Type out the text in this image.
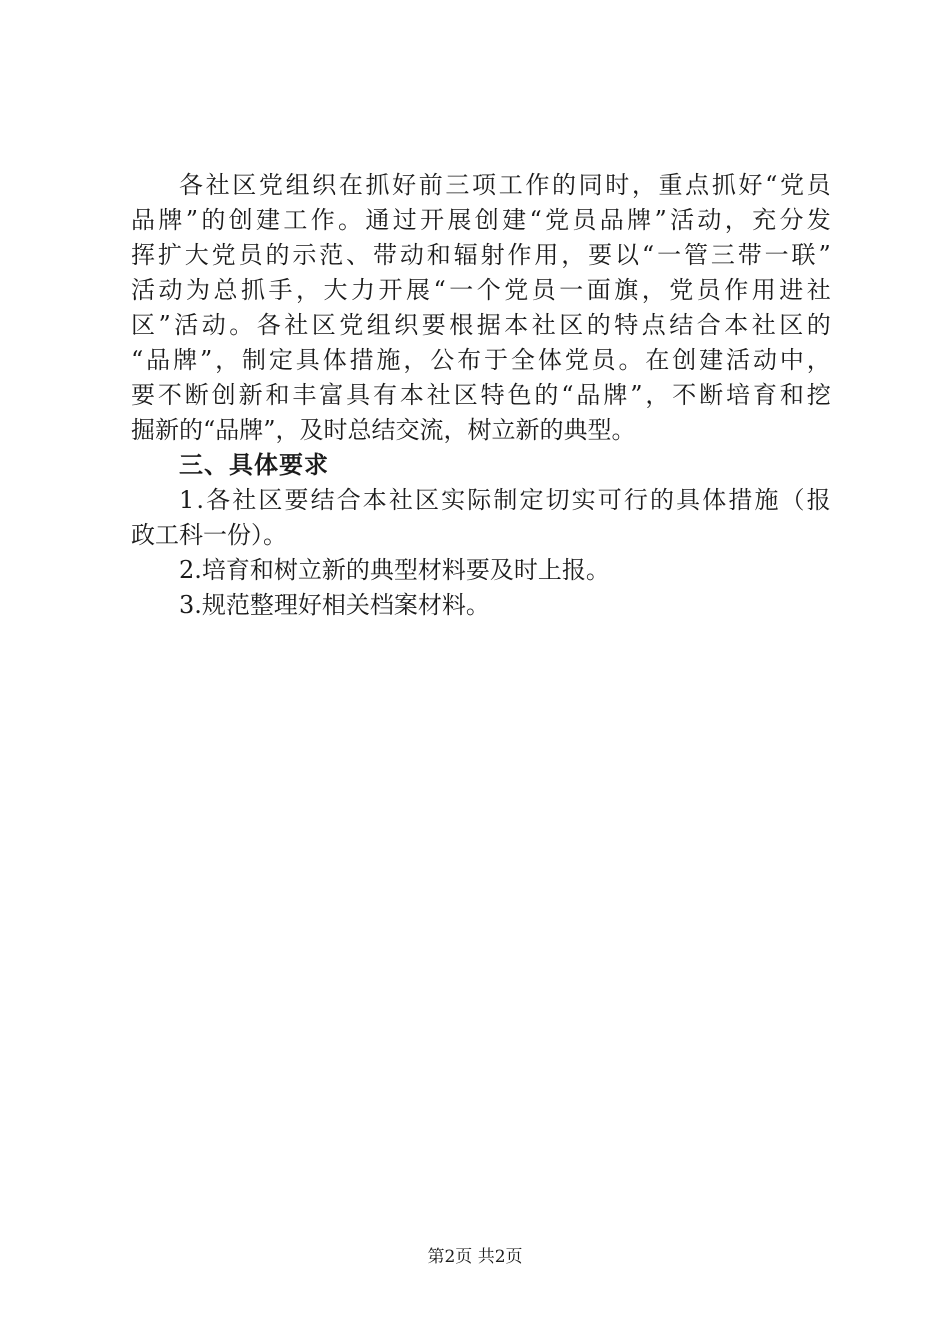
各 社 区 党 组 织 在 抓 好 前 三 项 工 作 的 同 时 ， 重 点 抓 好 “ 党 员
品 牌 ” 的 创 建 工 作 。 通 过 开 展 创 建 “ 党 员 品 牌 ” 活 动 ， 充 分 发
挥 扩 大 党 员 的 示 范 、 带 动 和 辐 射 作 用 ， 要 以 “ 一 管 三 带 一 联 ”
活 动 为 总 抓 手 ， 大 力 开 展 “ 一 个 党 员 一 面 旗 ， 党 员 作 用 进 社
区 ” 活 动 。 各 社 区 党 组 织 要 根 据 本 社 区 的 特 点 结 合 本 社 区 的
“ 品 牌 ” ， 制 定 具 体 措 施 ， 公 布 于 全 体 党 员 。 在 创 建 活 动 中 ，
要 不 断 创 新 和 丰 富 具 有 本 社 区 特 色 的 “ 品 牌 ” ， 不 断 培 育 和 挖
掘新的“品牌”，及时总结交流，树立新的典型。
三、具体要求
1 . 各 社 区 要 结 合 本 社 区 实 际 制 定 切 实 可 行 的 具 体 措 施 （ 报
政工科一份）。
2.培育和树立新的典型材料要及时上报。
3.规范整理好相关档案材料。
第2页 共2页
